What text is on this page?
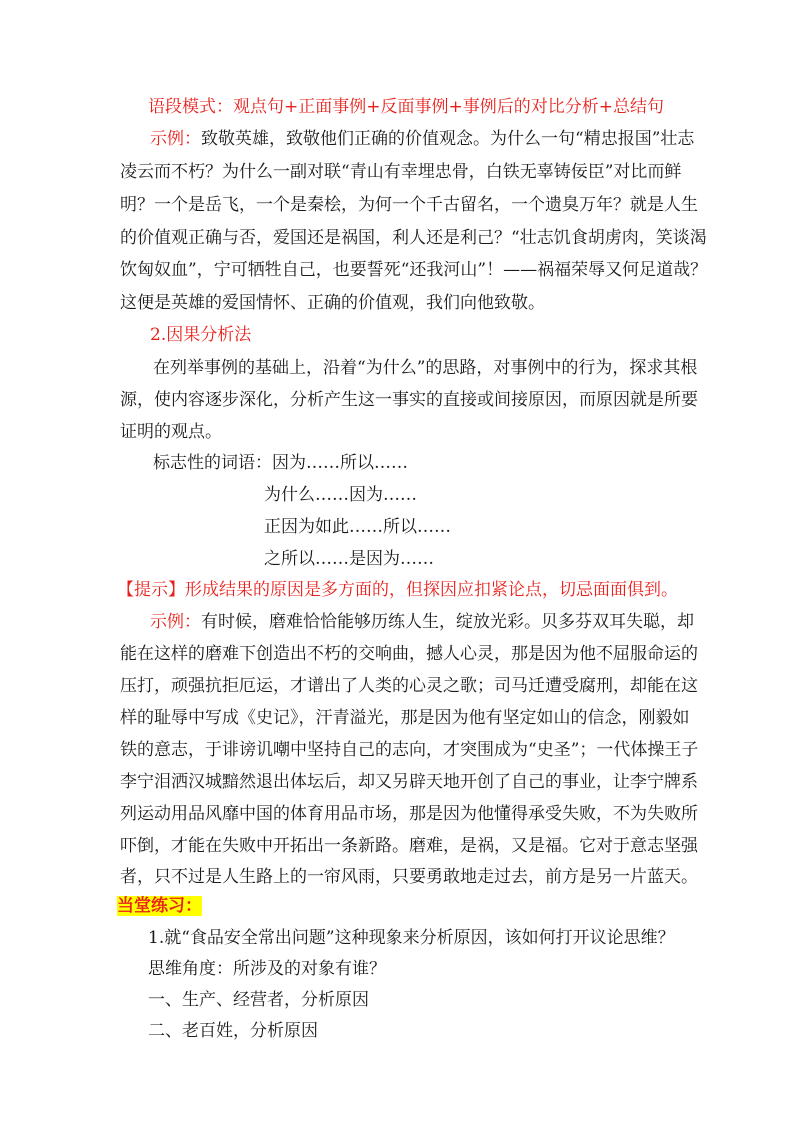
语段模式：观点句+正面事例+反面事例+事例后的对比分析+总结句
示例：致敬英雄，致敬他们正确的价值观念。为什么一句“精忠报国”壮志
凌云而不朽？为什么一副对联“青山有幸埋忠骨，白铁无辜铸佞臣”对比而鲜
明？一个是岳飞，一个是秦桧，为何一个千古留名，一个遗臭万年？就是人生
的价值观正确与否，爱国还是祸国，利人还是利己？“壮志饥食胡虏肉，笑谈渴
饮匈奴血”，宁可牺牲自己，也要誓死“还我河山”！——祸福荣辱又何足道哉？
这便是英雄的爱国情怀、正确的价值观，我们向他致敬。
2.因果分析法
在列举事例的基础上，沿着“为什么”的思路，对事例中的行为，探求其根
源，使内容逐步深化，分析产生这一事实的直接或间接原因，而原因就是所要
证明的观点。
标志性的词语：因为……所以……
为什么……因为……
正因为如此……所以……
之所以……是因为……
【提示】形成结果的原因是多方面的，但探因应扣紧论点，切忌面面俱到。
示例：有时候，磨难恰恰能够历练人生，绽放光彩。贝多芬双耳失聪，却
能在这样的磨难下创造出不朽的交响曲，撼人心灵，那是因为他不屈服命运的
压打，顽强抗拒厄运，才谱出了人类的心灵之歌；司马迁遭受腐刑，却能在这
样的耻辱中写成《史记》，汗青溢光，那是因为他有坚定如山的信念，刚毅如
铁的意志，于诽谤讥嘲中坚持自己的志向，才突围成为“史圣”；一代体操王子
李宁泪洒汉城黯然退出体坛后，却又另辟天地开创了自己的事业，让李宁牌系
列运动用品风靡中国的体育用品市场，那是因为他懂得承受失败，不为失败所
吓倒，才能在失败中开拓出一条新路。磨难，是祸，又是福。它对于意志坚强
者，只不过是人生路上的一帘风雨，只要勇敢地走过去，前方是另一片蓝天。
当堂练习：
1.就“食品安全常出问题”这种现象来分析原因，该如何打开议论思维？
思维角度：所涉及的对象有谁？
一、生产、经营者，分析原因
二、老百姓，分析原因
